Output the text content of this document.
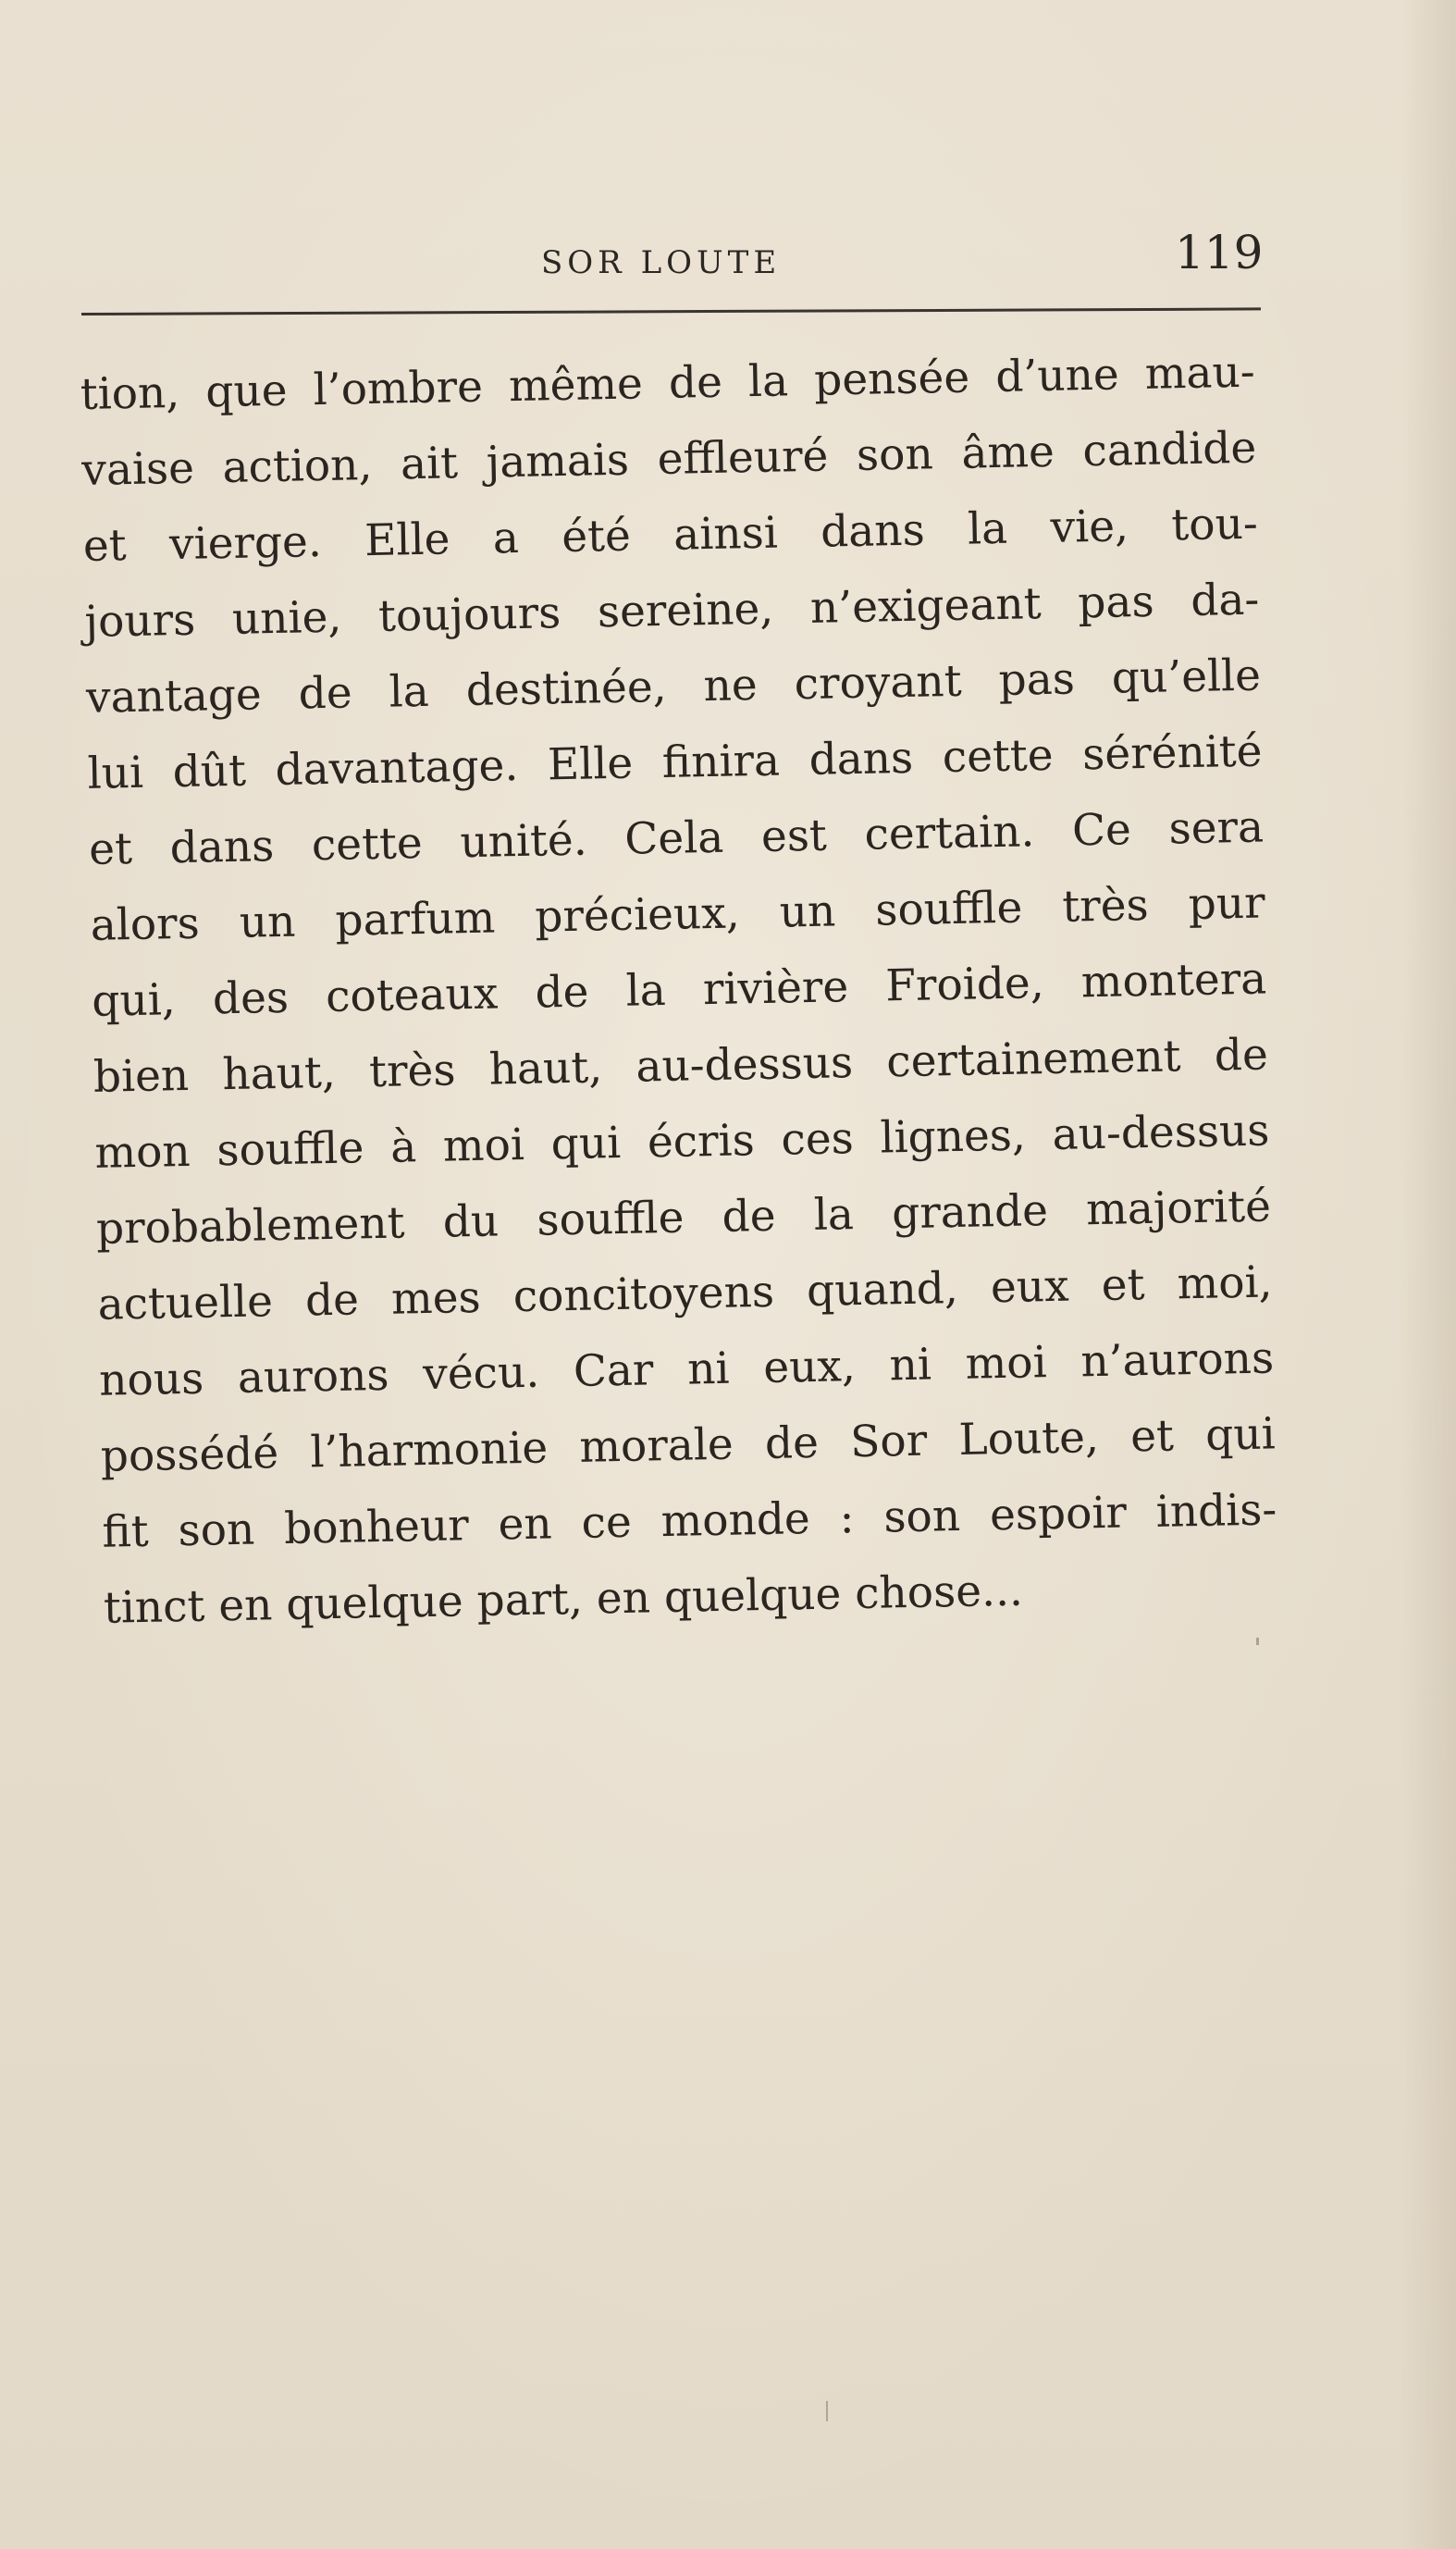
SOR LOUTE	119
tion, que l’ombre même de la pensée d’une mau-
vaise action, ait jamais effleuré son âme candide
et vierge. Elle a été ainsi dans la vie, tou-
jours unie, toujours sereine, n’exigeant pas da-
vantage de la destinée, ne croyant pas qu’elle
lui dût davantage. Elle finira dans cette sérénité
et dans cette unité. Cela est certain. Ce sera
alors un parfum précieux, un souffle très pur
qui, des coteaux de la rivière Froide, montera
bien haut, très haut, au-dessus certainement de
mon souffle à moi qui écris ces lignes, au-dessus
probablement du souffle de la grande majorité
actuelle de mes concitoyens quand, eux et moi,
nous aurons vécu. Car ni eux, ni moi n’aurons
possédé l’harmonie morale de Sor Loute, et qui
fit son bonheur en ce monde : son espoir indis-
tinct en quelque part, en quelque chose...
